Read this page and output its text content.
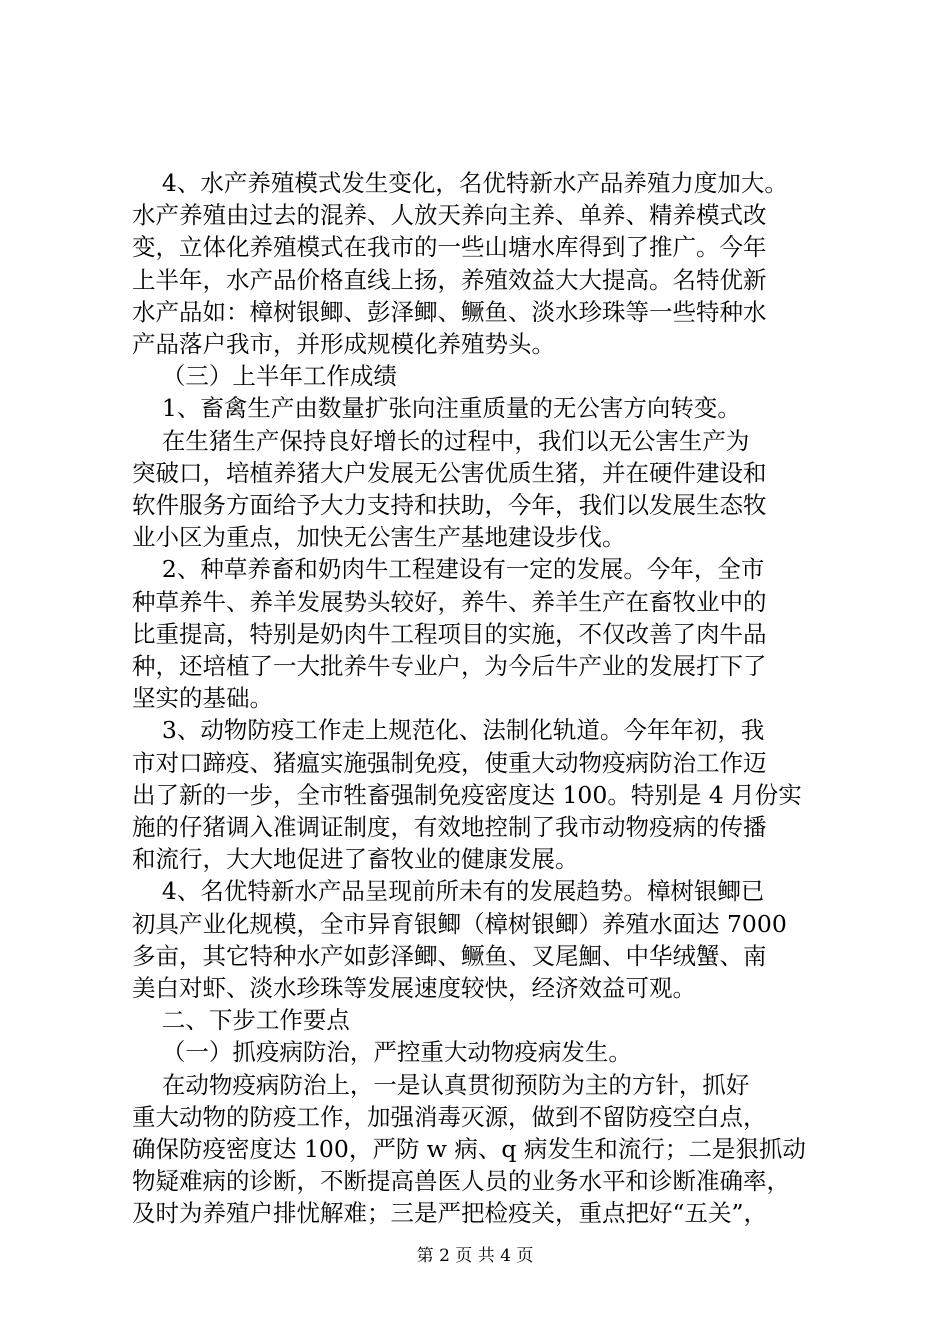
4、水产养殖模式发生变化，名优特新水产品养殖力度加大。
水产养殖由过去的混养、人放天养向主养、单养、精养模式改
变，立体化养殖模式在我市的一些山塘水库得到了推广。今年
上半年，水产品价格直线上扬，养殖效益大大提高。名特优新
水产品如：樟树银鲫、彭泽鲫、鳜鱼、淡水珍珠等一些特种水
产品落户我市，并形成规模化养殖势头。
（三）上半年工作成绩
1、畜禽生产由数量扩张向注重质量的无公害方向转变。
在生猪生产保持良好增长的过程中，我们以无公害生产为
突破口，培植养猪大户发展无公害优质生猪，并在硬件建设和
软件服务方面给予大力支持和扶助，今年，我们以发展生态牧
业小区为重点，加快无公害生产基地建设步伐。
2、种草养畜和奶肉牛工程建设有一定的发展。今年，全市
种草养牛、养羊发展势头较好，养牛、养羊生产在畜牧业中的
比重提高，特别是奶肉牛工程项目的实施，不仅改善了肉牛品
种，还培植了一大批养牛专业户，为今后牛产业的发展打下了
坚实的基础。
3、动物防疫工作走上规范化、法制化轨道。今年年初，我
市对口蹄疫、猪瘟实施强制免疫，使重大动物疫病防治工作迈
出了新的一步，全市牲畜强制免疫密度达 100。特别是 4 月份实
施的仔猪调入准调证制度，有效地控制了我市动物疫病的传播
和流行，大大地促进了畜牧业的健康发展。
4、名优特新水产品呈现前所未有的发展趋势。樟树银鲫已
初具产业化规模，全市异育银鲫（樟树银鲫）养殖水面达 7000
多亩，其它特种水产如彭泽鲫、鳜鱼、叉尾鮰、中华绒蟹、南
美白对虾、淡水珍珠等发展速度较快，经济效益可观。
二、下步工作要点
（一）抓疫病防治，严控重大动物疫病发生。
在动物疫病防治上，一是认真贯彻预防为主的方针，抓好
重大动物的防疫工作，加强消毒灭源，做到不留防疫空白点，
确保防疫密度达 100，严防 w 病、q 病发生和流行；二是狠抓动
物疑难病的诊断，不断提高兽医人员的业务水平和诊断准确率，
及时为养殖户排忧解难；三是严把检疫关，重点把好“五关”，
第 2 页 共 4 页
